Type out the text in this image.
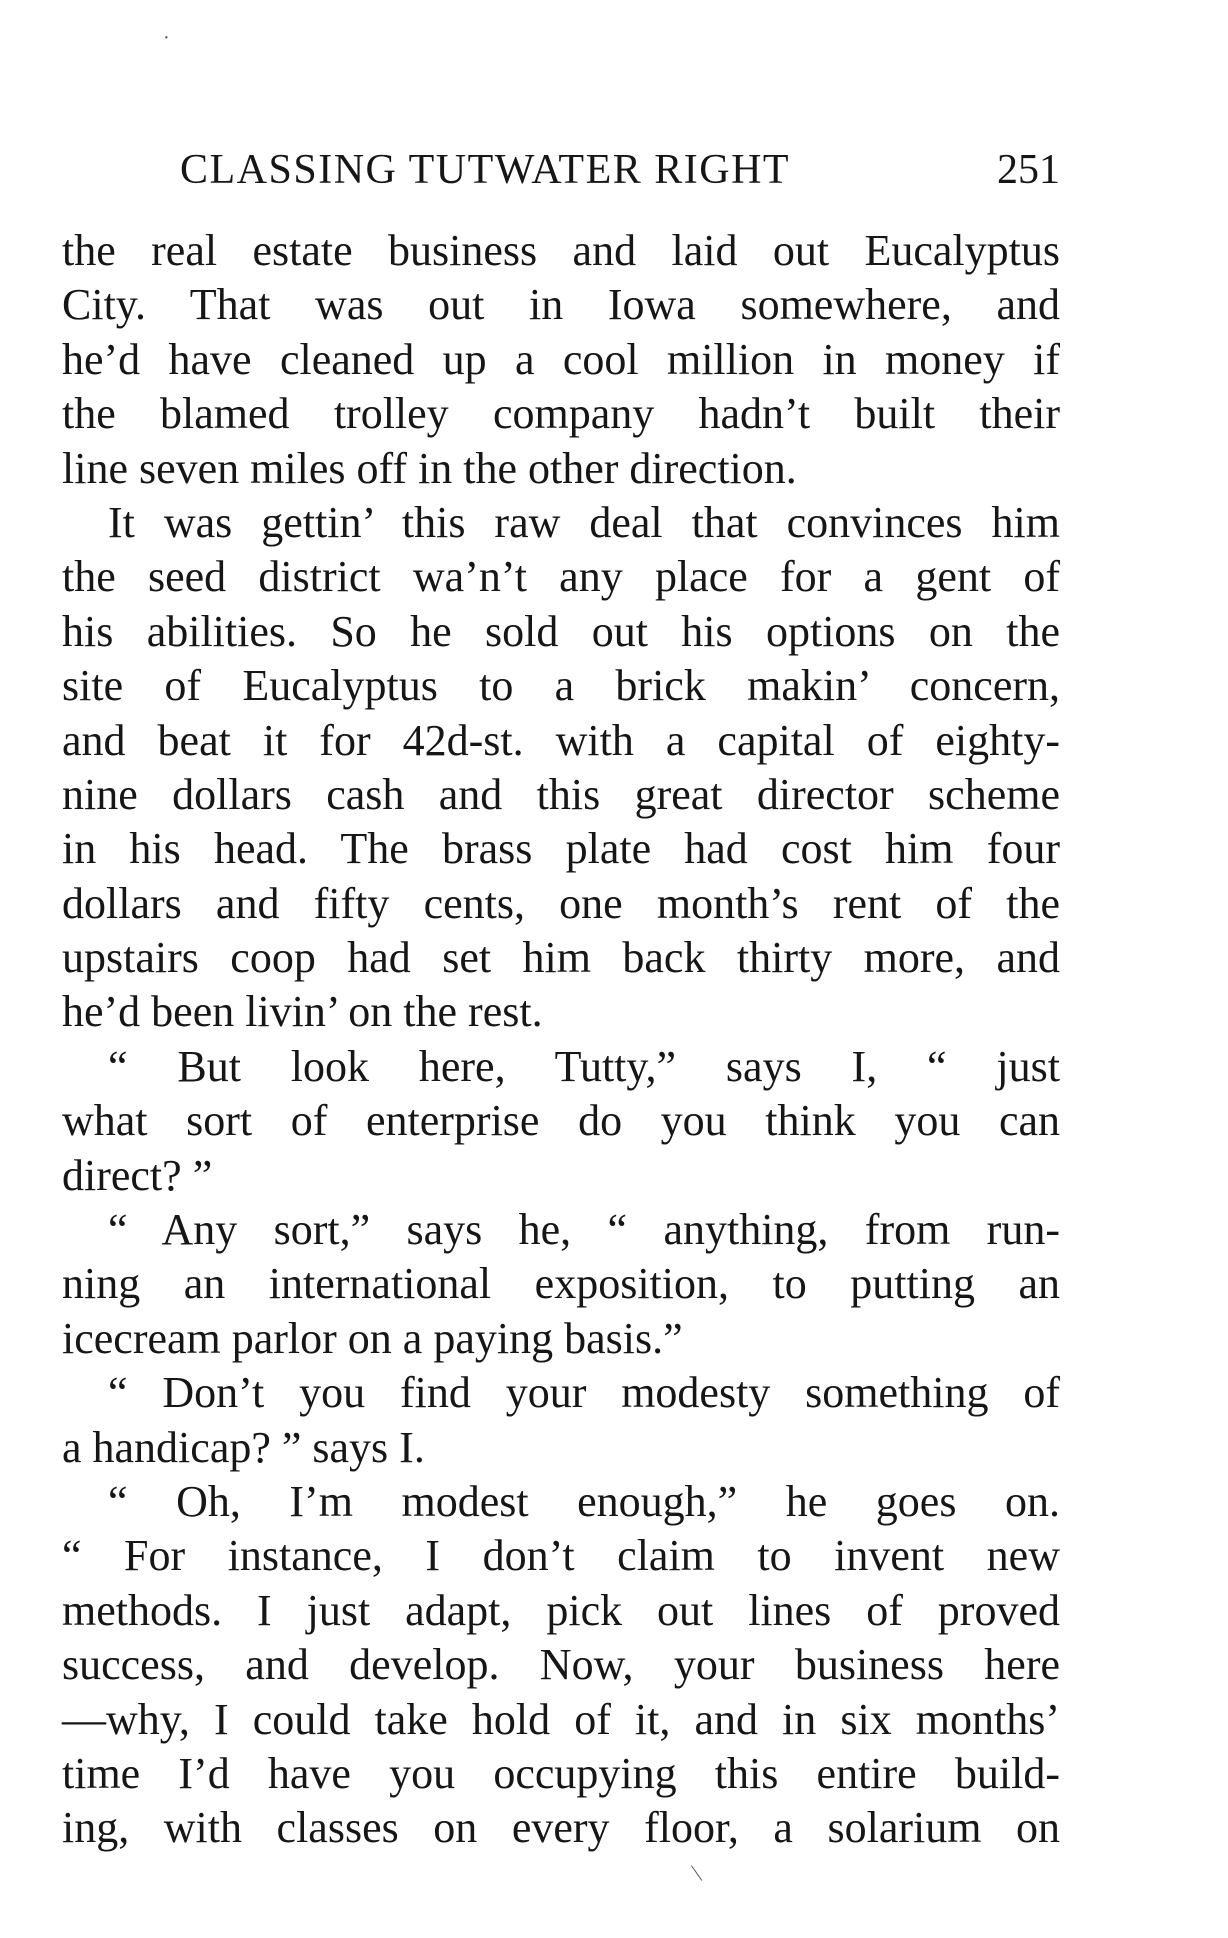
·
CLASSING TUTWATER RIGHT	251
the real estate business and laid out Eucalyptus
City. That was out in Iowa somewhere, and
he’d have cleaned up a cool million in money if
the blamed trolley company hadn’t built their
line seven miles off in the other direction.
It was gettin’ this raw deal that convinces him
the seed district wa’n’t any place for a gent of
his abilities. So he sold out his options on the
site of Eucalyptus to a brick makin’ concern,
and beat it for 42d-st. with a capital of eighty-
nine dollars cash and this great director scheme
in his head. The brass plate had cost him four
dollars and fifty cents, one month’s rent of the
upstairs coop had set him back thirty more, and
he’d been livin’ on the rest.
“ But look here, Tutty,” says I, “ just
what sort of enterprise do you think you can
direct? ”
“ Any sort,” says he, “ anything, from run-
ning an international exposition, to putting an
icecream parlor on a paying basis.”
“ Don’t you find your modesty something of
a handicap? ” says I.
“ Oh, I’m modest enough,” he goes on.
“ For instance, I don’t claim to invent new
methods. I just adapt, pick out lines of proved
success, and develop. Now, your business here
—why, I could take hold of it, and in six months’
time I’d have you occupying this entire build-
ing, with classes on every floor, a solarium on
|
